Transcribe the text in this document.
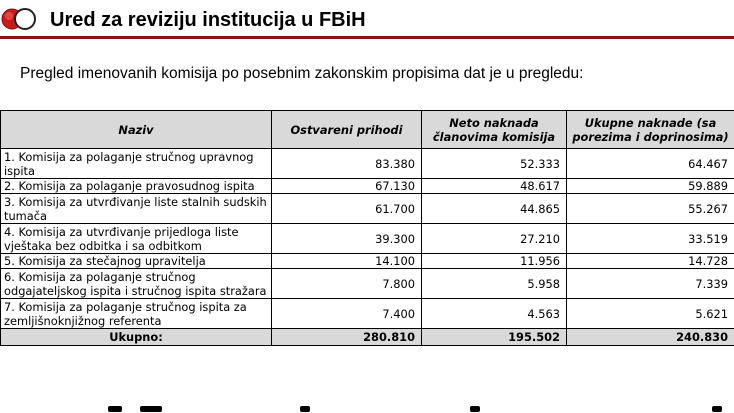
Ured za reviziju institucija u FBiH
Pregled imenovanih komisija po posebnim zakonskim propisima dat je u pregledu:
Naziv	Ostvareni prihodi	Neto naknada članovima komisija	Ukupne naknade (sa porezima i doprinosima)
1. Komisija za polaganje stručnog upravnog ispita	83.380	52.333	64.467
2. Komisija za polaganje pravosudnog ispita	67.130	48.617	59.889
3. Komisija za utvrđivanje liste stalnih sudskih tumača	61.700	44.865	55.267
4. Komisija za utvrđivanje prijedloga liste vještaka bez odbitka i sa odbitkom	39.300	27.210	33.519
5. Komisija za stečajnog upravitelja	14.100	11.956	14.728
6. Komisija za polaganje stručnog odgajateljskog ispita i stručnog ispita stražara	7.800	5.958	7.339
7. Komisija za polaganje stručnog ispita za zemljišnoknjižnog referenta	7.400	4.563	5.621
Ukupno:	280.810	195.502	240.830
